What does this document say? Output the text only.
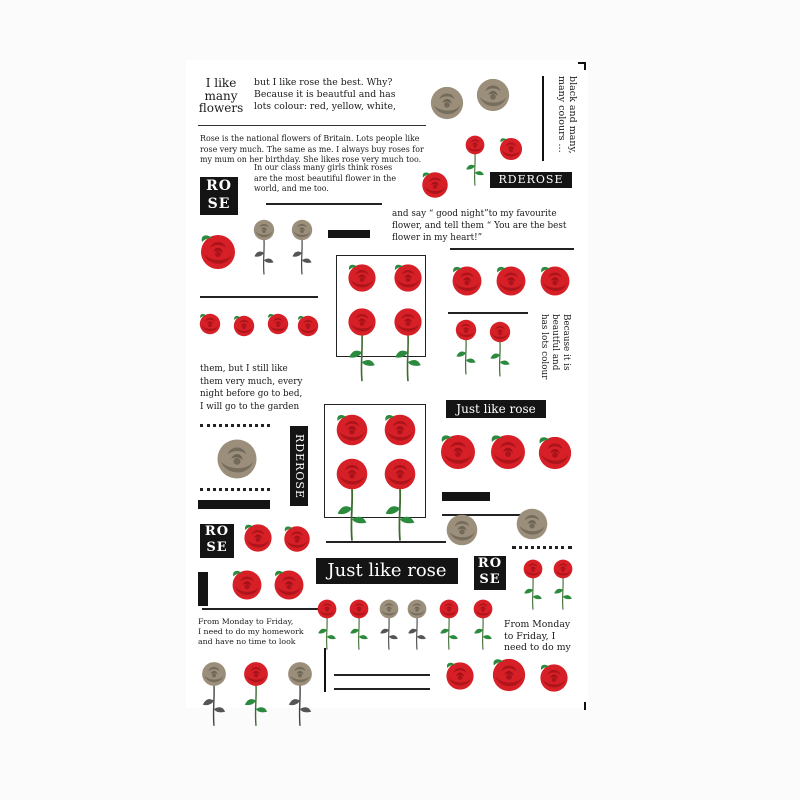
I like
many
flowers
but I like rose the best. Why?
Because it is beautful and has
lots colour: red, yellow, white,
black and many,
many colours ...
Rose is the national flowers of Britain. Lots people like
rose very much. The same as me. I always buy roses for
my mum on her birthday. She likes rose very much too.
In our class many girls think roses
are the most beautiful flower in the
world, and me too.
RO
SE
RDEROSE
and say “ good night”to my favourite
flower, and tell them “ You are the best
flower in my heart!”
Because it is
beautful and
has lots colour
them, but I still like
them very much, every
night before go to bed,
I will go to the garden	Just like rose
RDEROSE
RO
SE
RO
SE
Just like rose
From Monday to Friday,
I need to do my homework
and have no time to look
From Monday
to Friday, I
need to do my
